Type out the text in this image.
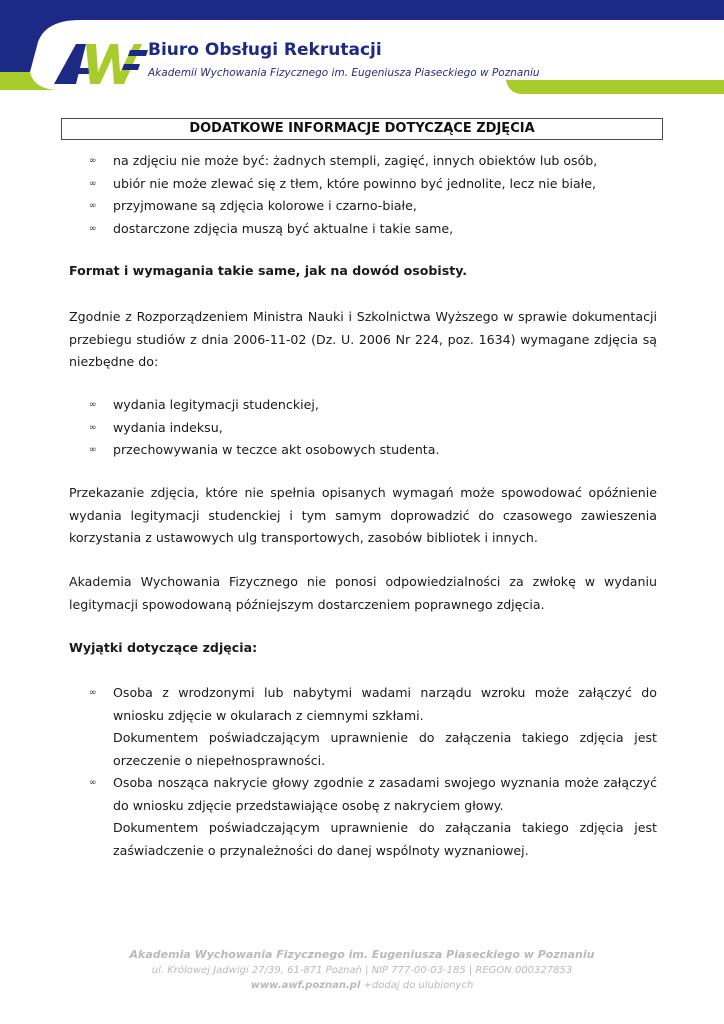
Biuro Obsługi Rekrutacji
Akademii Wychowania Fizycznego im. Eugeniusza Piaseckiego w Poznaniu
DODATKOWE INFORMACJE DOTYCZĄCE ZDJĘCIA
∞ na zdjęciu nie może być: żadnych stempli, zagięć, innych obiektów lub osób,
∞ ubiór nie może zlewać się z tłem, które powinno być jednolite, lecz nie białe,
∞ przyjmowane są zdjęcia kolorowe i czarno-białe,
∞ dostarczone zdjęcia muszą być aktualne i takie same,

Format i wymagania takie same, jak na dowód osobisty.

Zgodnie z Rozporządzeniem Ministra Nauki i Szkolnictwa Wyższego w sprawie dokumentacji przebiegu studiów z dnia 2006-11-02 (Dz. U. 2006 Nr 224, poz. 1634) wymagane zdjęcia są niezbędne do:

∞ wydania legitymacji studenckiej,
∞ wydania indeksu,
∞ przechowywania w teczce akt osobowych studenta.

Przekazanie zdjęcia, które nie spełnia opisanych wymagań może spowodować opóźnienie wydania legitymacji studenckiej i tym samym doprowadzić do czasowego zawieszenia korzystania z ustawowych ulg transportowych, zasobów bibliotek i innych.

Akademia Wychowania Fizycznego nie ponosi odpowiedzialności za zwłokę w wydaniu legitymacji spowodowaną późniejszym dostarczeniem poprawnego zdjęcia.

Wyjątki dotyczące zdjęcia:

∞ Osoba z wrodzonymi lub nabytymi wadami narządu wzroku może załączyć do wniosku zdjęcie w okularach z ciemnymi szkłami.
Dokumentem poświadczającym uprawnienie do załączenia takiego zdjęcia jest orzeczenie o niepełnosprawności.
∞ Osoba nosząca nakrycie głowy zgodnie z zasadami swojego wyznania może załączyć do wniosku zdjęcie przedstawiające osobę z nakryciem głowy.
Dokumentem poświadczającym uprawnienie do załączania takiego zdjęcia jest zaświadczenie o przynależności do danej wspólnoty wyznaniowej.
Akademia Wychowania Fizycznego im. Eugeniusza Piaseckiego w Poznaniu
ul. Królowej Jadwigi 27/39, 61-871 Poznań | NIP 777-00-03-185 | REGON 000327853
www.awf.poznan.pl +dodaj do ulubionych
